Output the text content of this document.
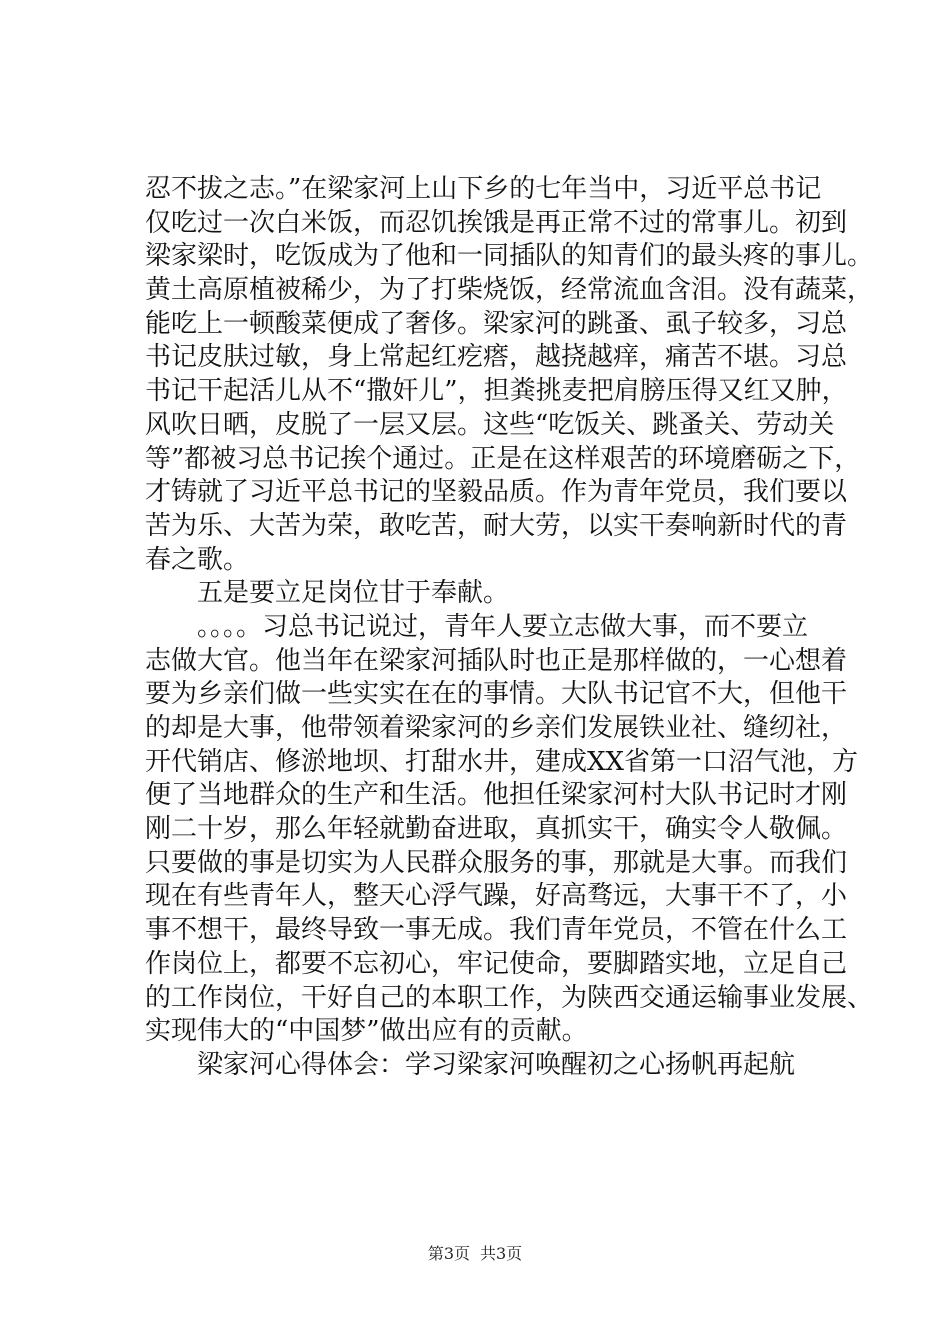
忍不拔之志。”在梁家河上山下乡的七年当中，习近平总书记
仅吃过一次白米饭，而忍饥挨饿是再正常不过的常事儿。初到
梁家梁时，吃饭成为了他和一同插队的知青们的最头疼的事儿。
黄土高原植被稀少，为了打柴烧饭，经常流血含泪。没有蔬菜，
能吃上一顿酸菜便成了奢侈。梁家河的跳蚤、虱子较多，习总
书记皮肤过敏，身上常起红疙瘩，越挠越痒，痛苦不堪。习总
书记干起活儿从不“撒奸儿”，担粪挑麦把肩膀压得又红又肿，
风吹日晒，皮脱了一层又层。这些“吃饭关、跳蚤关、劳动关
等”都被习总书记挨个通过。正是在这样艰苦的环境磨砺之下，
才铸就了习近平总书记的坚毅品质。作为青年党员，我们要以
苦为乐、大苦为荣，敢吃苦，耐大劳，以实干奏响新时代的青
春之歌。
五是要立足岗位甘于奉献。
。。。。习总书记说过，青年人要立志做大事，而不要立
志做大官。他当年在梁家河插队时也正是那样做的，一心想着
要为乡亲们做一些实实在在的事情。大队书记官不大，但他干
的却是大事，他带领着梁家河的乡亲们发展铁业社、缝纫社，
开代销店、修淤地坝、打甜水井，建成XX省第一口沼气池，方
便了当地群众的生产和生活。他担任梁家河村大队书记时才刚
刚二十岁，那么年轻就勤奋进取，真抓实干，确实令人敬佩。
只要做的事是切实为人民群众服务的事，那就是大事。而我们
现在有些青年人，整天心浮气躁，好高骛远，大事干不了，小
事不想干，最终导致一事无成。我们青年党员，不管在什么工
作岗位上，都要不忘初心，牢记使命，要脚踏实地，立足自己
的工作岗位，干好自己的本职工作，为陕西交通运输事业发展、
实现伟大的“中国梦”做出应有的贡献。
梁家河心得体会：学习梁家河唤醒初之心扬帆再起航
第3页 共3页
